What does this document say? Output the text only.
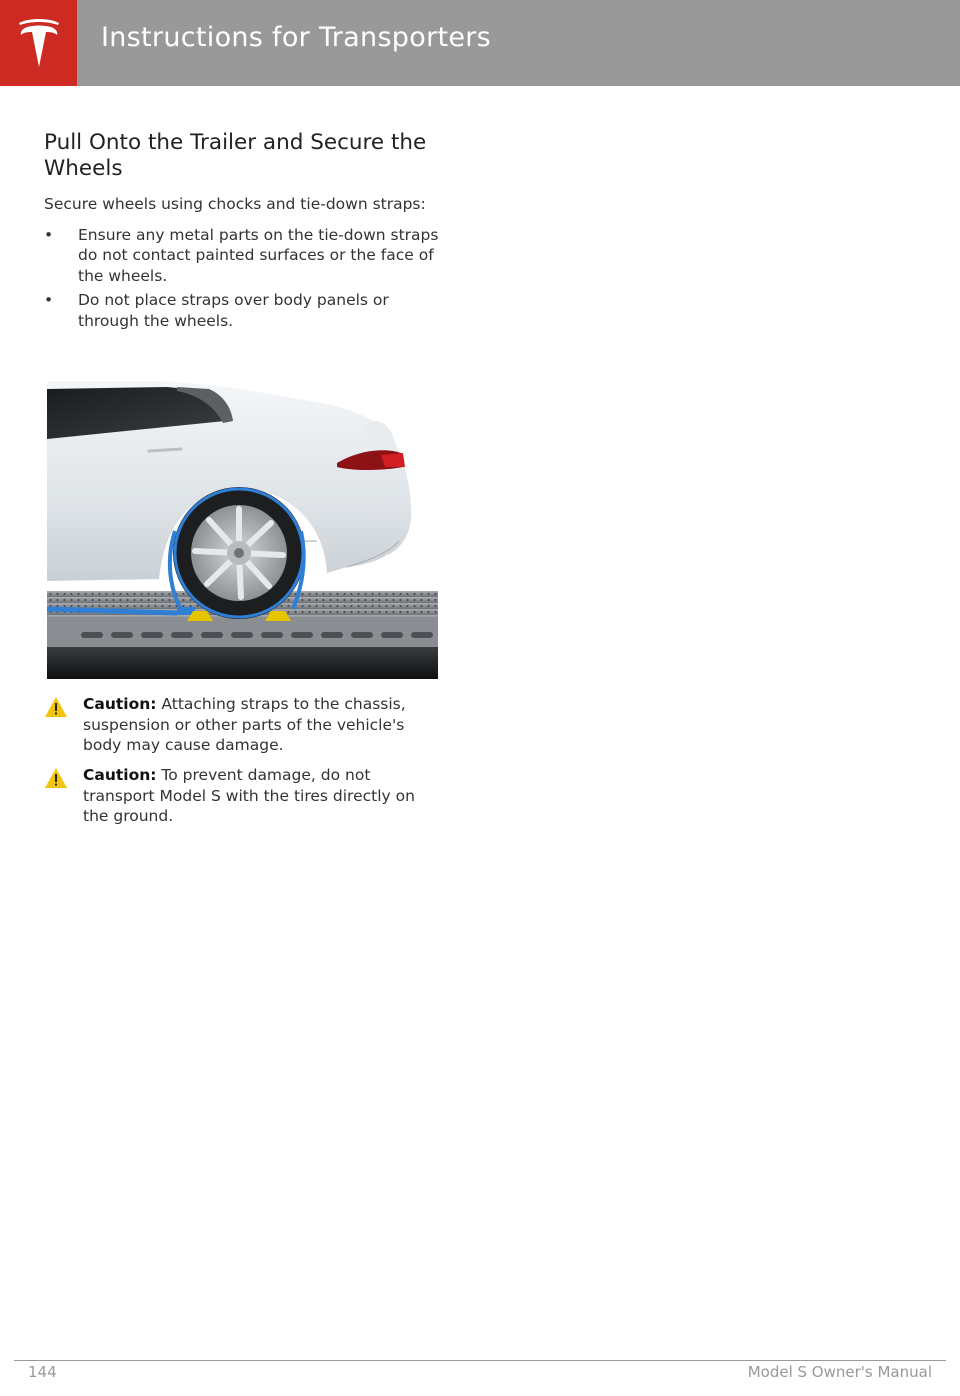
Instructions for Transporters
Pull Onto the Trailer and Secure the Wheels

Secure wheels using chocks and tie-down straps:

• Ensure any metal parts on the tie-down straps do not contact painted surfaces or the face of the wheels.
• Do not place straps over body panels or through the wheels.
Caution: Attaching straps to the chassis, suspension or other parts of the vehicle's body may cause damage.
Caution: To prevent damage, do not transport Model S with the tires directly on the ground.
144	Model S Owner's Manual
